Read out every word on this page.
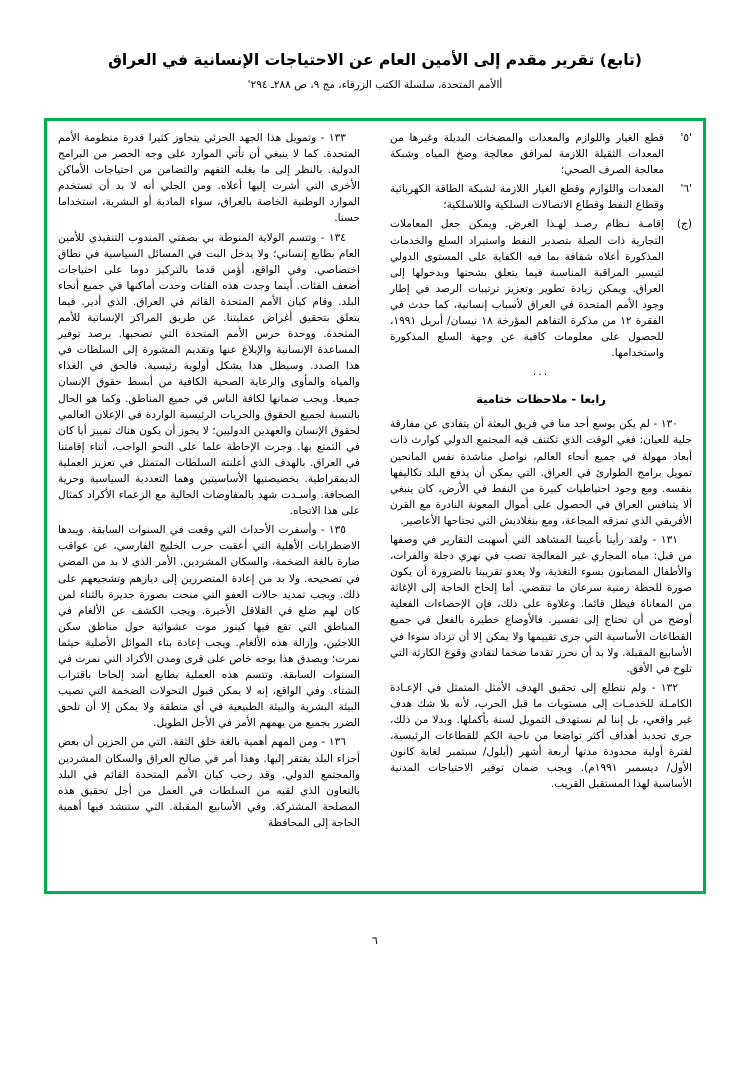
(تابع) تقرير مقدم إلى الأمين العام عن الاحتياجات الإنسانية في العراق
أالأمم المتحدة، سلسلة الكتب الزرقاء، مج ٩، ص ٢٨٨ـ ٢٩٤'
'٥'
قطع الغيار واللوازم والمعدات والمضخات البديلة وغيرها من المعدات الثقيلة اللازمة لمرافق معالجة وضخ المياه وشبكة معالجة الصرف الصحي؛
'٦'
المعدات واللوازم وقطع الغيار اللازمة لشبكة الطاقة الكهربائية وقطاع النفط وقطاع الاتصالات السلكية واللاسلكية؛
(ج)
إقامـة نـظام رصـد لهـذا الغرض. ويمكن جعل المعاملات التجارية ذات الصلة بتصدير النفط واستيراد السلع والخدمات المذكورة أعلاه شفافة بما فيه الكفاية على المستوى الدولي لتيسير المراقبة المناسبة فيما يتعلق بشحنها وبدخولها إلى العراق. ويمكن زيادة تطوير وتعزيز ترتيبات الرصد في إطار وجود الأمم المتحدة في العراق لأسباب إنسانية، كما حدث في الفقرة ١٢ من مذكرة التفاهم المؤرخة ١٨ نيسان/ أبريل ١٩٩١، للحصول على معلومات كافية عن وجهة السلع المذكورة واستخدامها.
...
رابعا - ملاحظات ختامية

١٣٠ - لم يكن بوسع أحد منا في فريق البعثة أن يتفادى عن مفارقة جلية للعيان: فغي الوقت الذي تكتنف فيه المجتمع الدولي كوارث ذات أبعاد مهولة في جميع أنحاء العالم، نواصل مناشدة نفس المانحين تمويل برامج الطوارئ في العراق. التي يمكن أن يدفع البلد تكاليفها بنفسه. ومع وجود احتياطيات كبيرة من النفط في الأرض، كان ينبغي ألا يتنافس العراق في الحصول على أموال المعونة النادرة مع القرن الأفريقي الذي تمزقه المجاعة، ومع بنغلاديش التي تجتاحها الأعاصير.

١٣١ - ولقد رأينا بأعيننا المشاهد التي أسهبت التقارير في وصفها من قبل: مياه المجاري غير المعالجة تصب في نهري دجلة والفرات، والأطفال المصابون بسوء التغذية، ولا يعدو تقريبنا بالضرورة أن يكون صورة للحظة زمنية سرعان ما تنقضي. أما إلحاح الحاجة إلى الإغاثة من المعاناة فيظل قائما. وعلاوة على ذلك، فإن الإحصاءات الفعلية أوضح من أن تحتاج إلى تفسير. فالأوضاع خطيرة بالفعل في جميع القطاعات الأساسية التي جرى تقييمها ولا يمكن إلا أن تزداد سوءا في الأسابيع المقبلة. ولا بد أن نحرز تقدما ضخما لتفادي وقوع الكارثة التي تلوح في الأفق.

١٣٢ - ولم نتطلع إلى تحقيق الهدف الأمثل المتمثل في الإعـادة الكامـلة للخدمـات إلى مستويات ما قبل الحرب، لأنه بلا شك هدف غير واقعي، بل إننا لم نستهدف التمويل لسنة بأكملها. وبدلا من ذلك، جرى تحديد أهداف أكثر تواضعا من ناحية الكم للقطاعات الرئيسية، لفترة أولية محدودة مدتها أربعة أشهر (أيلول/ سبتمبر لغاية كانون الأول/ ديسمبر ١٩٩١م). ويجب ضمان توفير الاحتياجات المدنية الأساسية لهذا المستقبل القريب.

١٣٣ - وتمويل هذا الجهد الجزئي يتجاوز كثيرا قدرة منظومة الأمم المتحدة. كما لا ينبغي أن تأتي الموارد على وجه الحصر من البرامج الدولية. بالنظر إلى ما يغلبه التفهم والتضامن من احتياجات الأماكن الأخرى التي أشرت إليها أعلاه. ومن الجلي أنه لا بد أن تستخدم الموارد الوطنية الخاصة بالعراق، سواء المادية أو البشرية، استخداما حسنا.

١٣٤ - وتتسم الولاية المنوطة بي بصفتي المندوب التنفيذي للأمين العام بطابع إنساني؛ ولا يدخل البت في المسائل السياسية في نطاق اختصاصي. وفي الواقع، أؤمن قدما بالتركيز دوما على احتياجات أضعف الفئات. أينما وجدت هذه الفئات وحدت أماكنها في جميع أنحاء البلد. وقام كيان الأمم المتحدة القائم في العراق. الذي أدير. فيما يتعلق بتحقيق أغراض عمليتنا. عن طريق المراكز الإنسانية للأمم المتحدة. ووحدة حرس الأمم المتحدة التي تصحبها. برصد توفير المساعدة الإنسانية والإبلاغ عنها وتقديم المشورة إلى السلطات في هذا الصدد. وسيظل هذا يشكل أولوية رئيسية. فالحق في الغذاء والمياه والمأوى والرعاية الصحية الكافية من أبسط حقوق الإنسان جميعا. ويجب ضمانها لكافة الناس في جميع المناطق. وكما هو الحال بالنسبة لجميع الحقوق والحريات الرئيسية الواردة في الإعلان العالمي لحقوق الإنسان والعهدين الدوليين؛ لا يجوز أن يكون هناك تمييز أيا كان في التمتع بها. وجرت الإحاطة علما على النحو الواجب، أثناء إقامتنا في العراق. بالهدف الذي أعلنته السلطات المتمثل في تعزيز العملية الديمقراطية. بخصيصتيها الأساسيتين وهما التعددية السياسية وحرية الصحافة. وأسـدت شهد بالمفاوضات الحالية مع الزعماء الأكراد كمثال على هذا الاتجاه.

١٣٥ - وأسفرت الأحداث التي وقعت في السنوات السابقة. ويبدها الاضطرابات الأهلية التي أعقبت حرب الخليج الفارسي، عن عواقب ضارة بالغة الضخمة، والسكان المشردين. الأمر الذي لا بد من المضي في تصحيحه. ولا بد من إعادة المتضررين إلى ديارهم وتشجيعهم على ذلك. ويجب تمديد حالات العفو التي منحت بصورة جديرة بالثناء لمن كان لهم ضلع في القلاقل الأخيرة. ويجب الكشف عن الألغام في المناطق التي تقع فيها كينور موت عشوائية حول مناطق سكن اللاجئين، وإزالة هذه الألغام. ويجب إعادة بناء الموائل الأصلية حيثما نمرت؛ ويصدق هذا بوجه خاص على قرى ومدن الأكراد التي نمرت في السنوات السابقة. وتتسم هذه العملية بطابع أشد إلحاحا باقتراب الشتاء. وفي الواقع، إنه لا يمكن قبول التحولات الضخمة التي تصيب البيئة البشرية والبيئة الطبيعية في أي منطقة ولا يمكن إلا أن تلحق الضرر بجميع من يهمهم الأمر في الأجل الطويل.

١٣٦ - ومن المهم أهمية بالغة خلق الثقة. التي من الحزين أن بعض أجزاء البلد يفتقر إليها. وهذا أمر في صالح العراق والسكان المشردين والمجتمع الدولي. وقد رحب كيان الأمم المتحدة القائم في البلد بالتعاون الذي لقيه من السلطات في العمل من أجل تحقيق هذه المصلحة المشتركة. وفي الأسابيع المقبلة. التي ستنشد فيها أهمية الحاجة إلى المحافظة

٦
